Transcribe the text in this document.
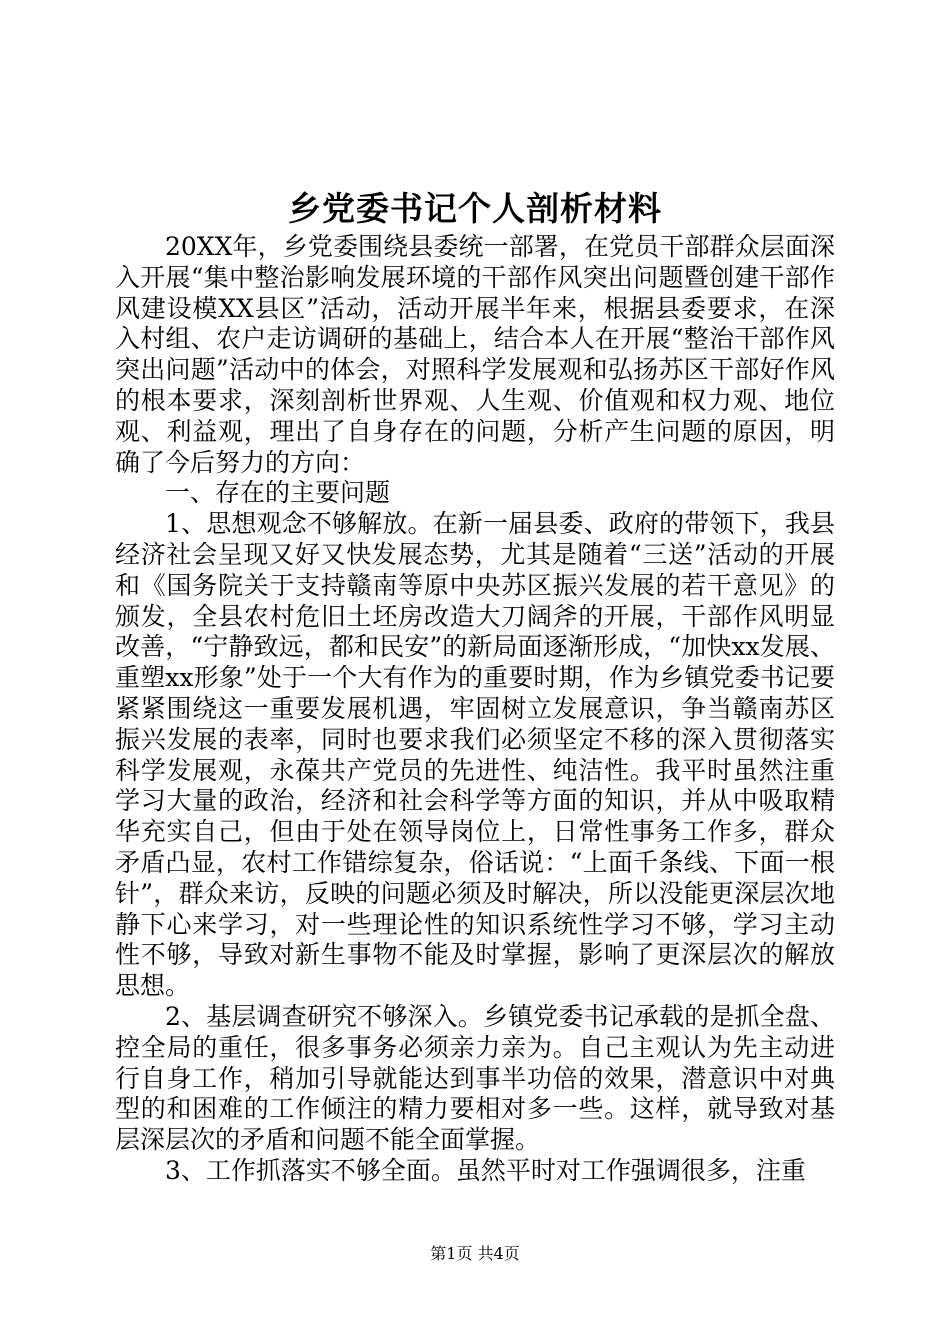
乡党委书记个人剖析材料

20XX年，乡党委围绕县委统一部署，在党员干部群众层面深入开展“集中整治影响发展环境的干部作风突出问题暨创建干部作风建设模XX县区”活动，活动开展半年来，根据县委要求，在深入村组、农户走访调研的基础上，结合本人在开展“整治干部作风突出问题”活动中的体会，对照科学发展观和弘扬苏区干部好作风的根本要求，深刻剖析世界观、人生观、价值观和权力观、地位观、利益观，理出了自身存在的问题，分析产生问题的原因，明确了今后努力的方向：

一、存在的主要问题

1、思想观念不够解放。在新一届县委、政府的带领下，我县经济社会呈现又好又快发展态势，尤其是随着“三送”活动的开展和《国务院关于支持赣南等原中央苏区振兴发展的若干意见》的颁发，全县农村危旧土坯房改造大刀阔斧的开展，干部作风明显改善，“宁静致远，都和民安”的新局面逐渐形成，“加快xx发展、重塑xx形象”处于一个大有作为的重要时期，作为乡镇党委书记要紧紧围绕这一重要发展机遇，牢固树立发展意识，争当赣南苏区振兴发展的表率，同时也要求我们必须坚定不移的深入贯彻落实科学发展观，永葆共产党员的先进性、纯洁性。我平时虽然注重学习大量的政治，经济和社会科学等方面的知识，并从中吸取精华充实自己，但由于处在领导岗位上，日常性事务工作多，群众矛盾凸显，农村工作错综复杂，俗话说：“上面千条线、下面一根针”，群众来访，反映的问题必须及时解决，所以没能更深层次地静下心来学习，对一些理论性的知识系统性学习不够，学习主动性不够，导致对新生事物不能及时掌握，影响了更深层次的解放思想。

2、基层调查研究不够深入。乡镇党委书记承载的是抓全盘、控全局的重任，很多事务必须亲力亲为。自己主观认为先主动进行自身工作，稍加引导就能达到事半功倍的效果，潜意识中对典型的和困难的工作倾注的精力要相对多一些。这样，就导致对基层深层次的矛盾和问题不能全面掌握。

3、工作抓落实不够全面。虽然平时对工作强调很多，注重

第1页 共4页
